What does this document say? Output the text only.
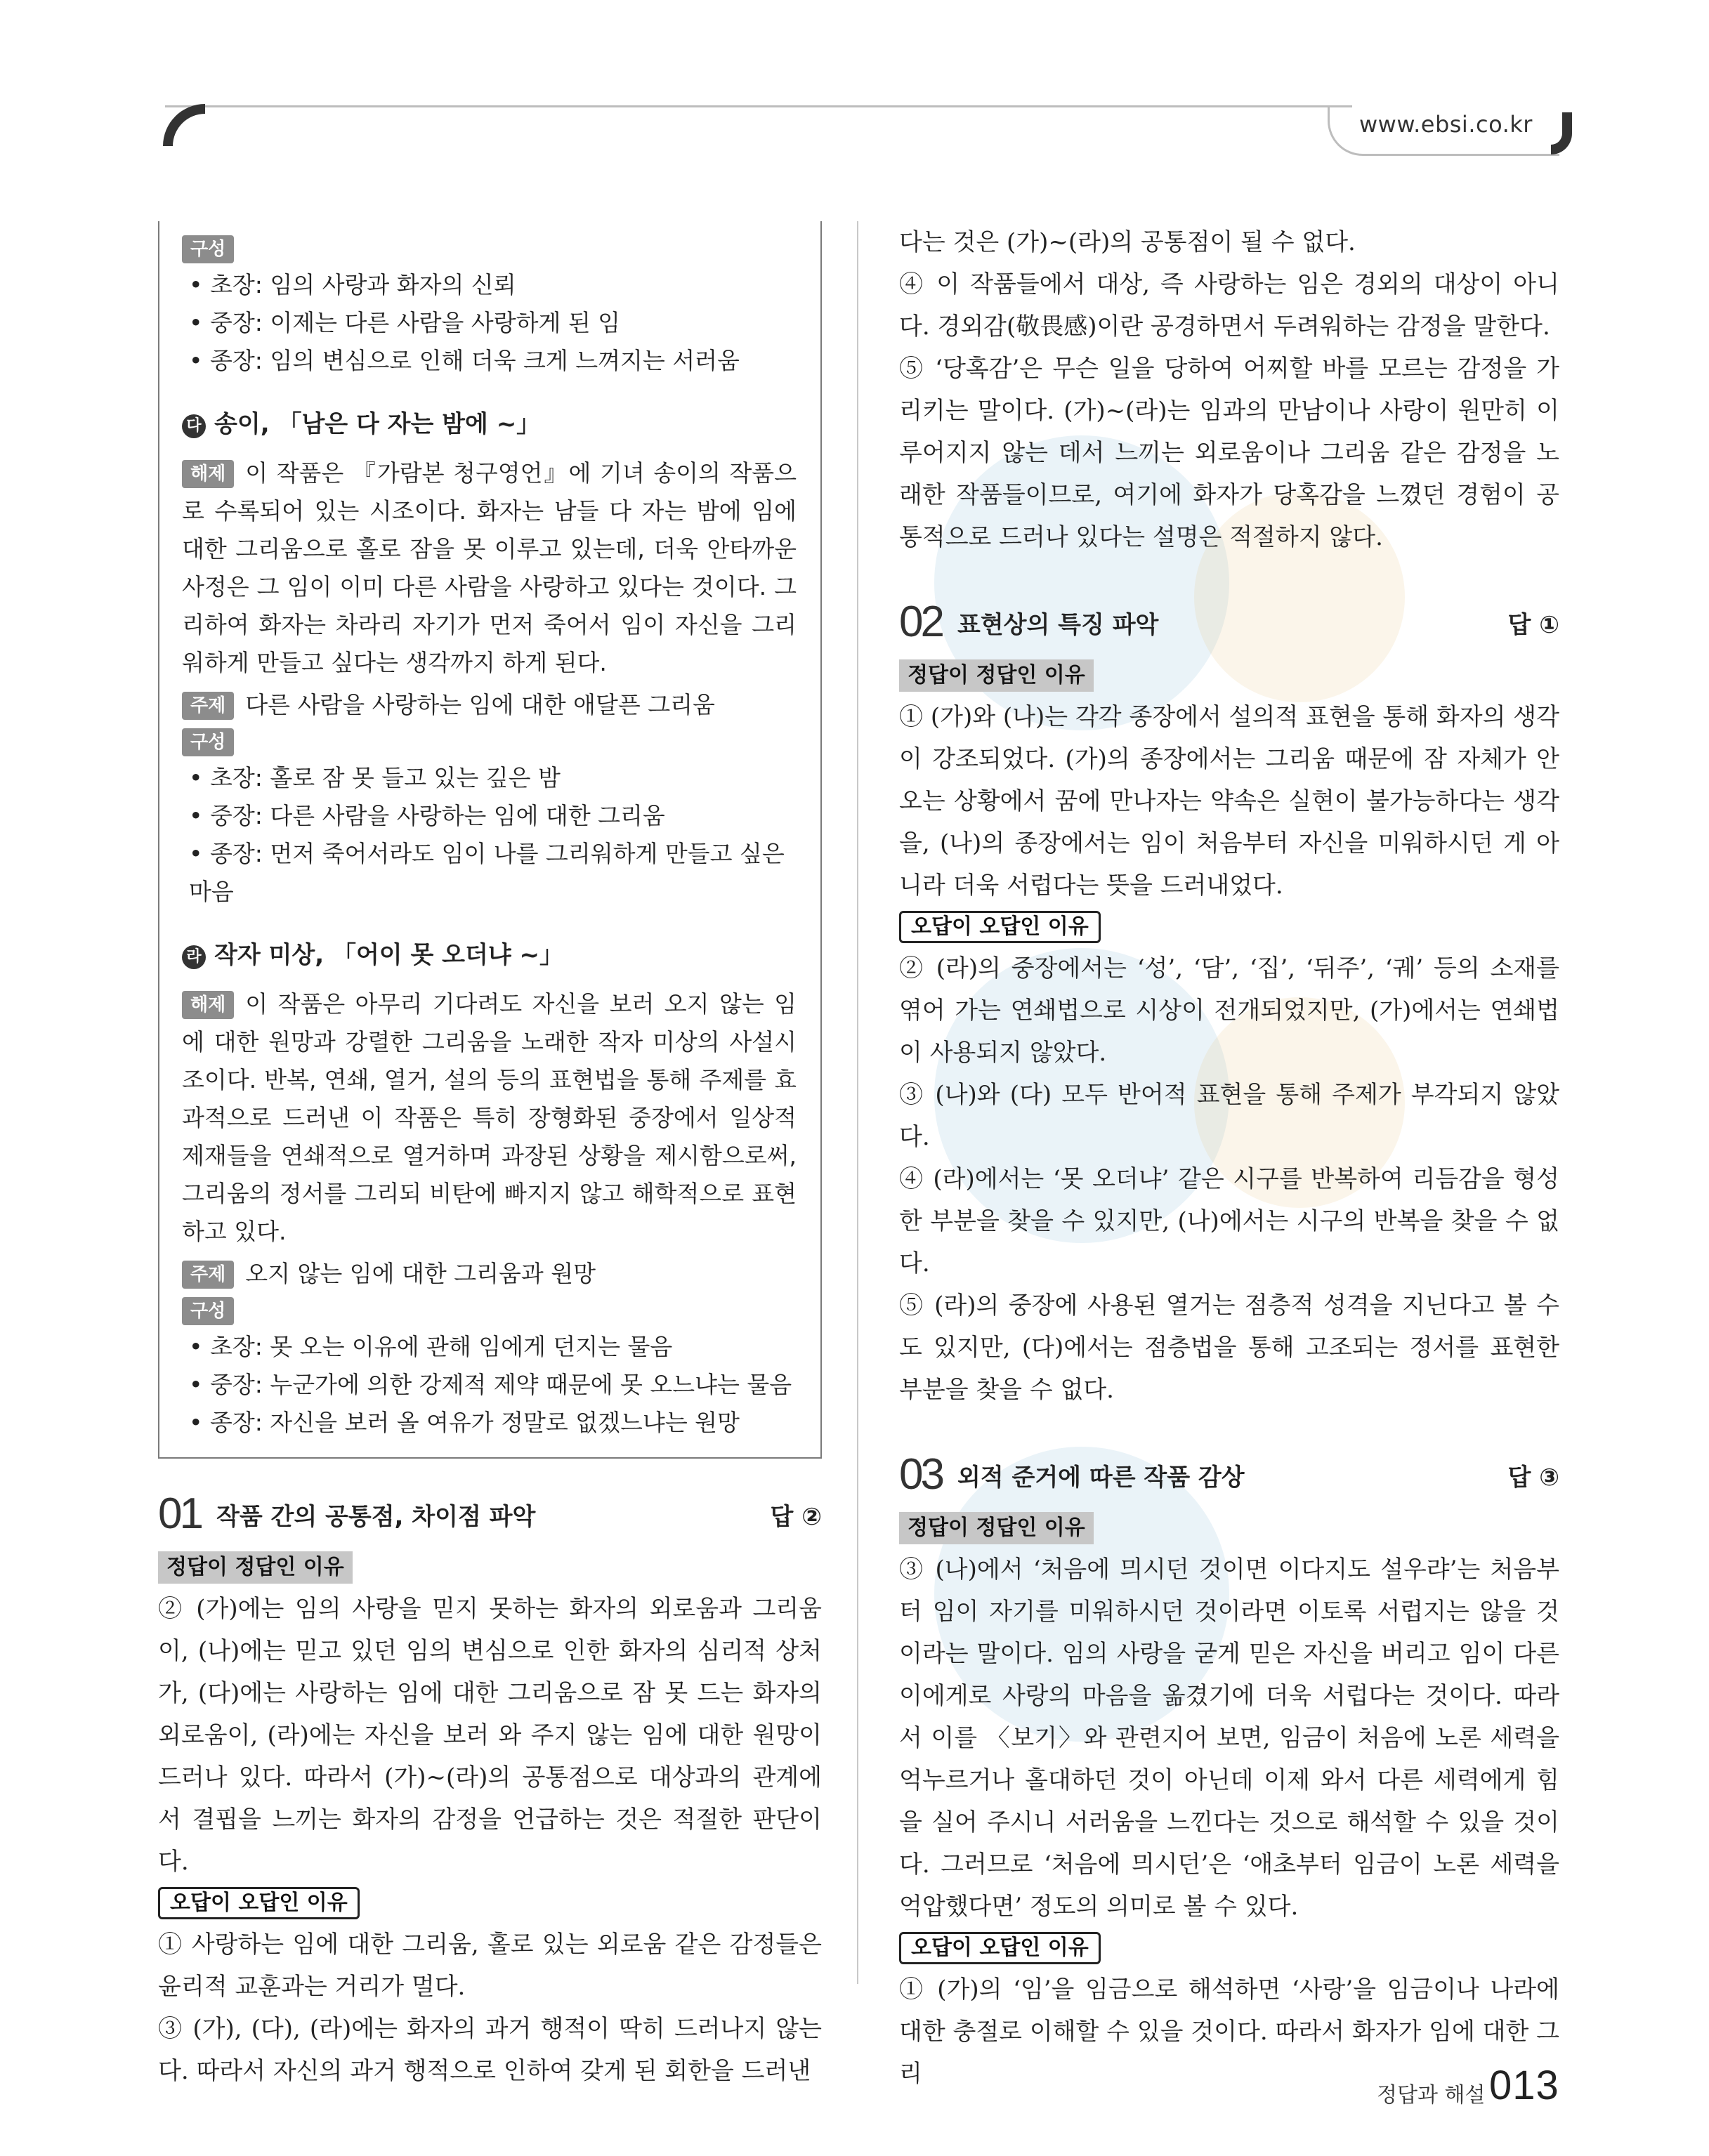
www.ebsi.co.kr
구성

• 초장: 임의 사랑과 화자의 신뢰

• 중장: 이제는 다른 사람을 사랑하게 된 임

• 종장: 임의 변심으로 인해 더욱 크게 느껴지는 서러움

다 송이, 「남은 다 자는 밤에 ~」

해제 이 작품은 『가람본 청구영언』에 기녀 송이의 작품으로 수록되어 있는 시조이다. 화자는 남들 다 자는 밤에 임에 대한 그리움으로 홀로 잠을 못 이루고 있는데, 더욱 안타까운 사정은 그 임이 이미 다른 사람을 사랑하고 있다는 것이다. 그리하여 화자는 차라리 자기가 먼저 죽어서 임이 자신을 그리워하게 만들고 싶다는 생각까지 하게 된다.

주제 다른 사람을 사랑하는 임에 대한 애달픈 그리움

구성

• 초장: 홀로 잠 못 들고 있는 깊은 밤

• 중장: 다른 사람을 사랑하는 임에 대한 그리움

• 종장: 먼저 죽어서라도 임이 나를 그리워하게 만들고 싶은 마음

라 작자 미상, 「어이 못 오더냐 ~」

해제 이 작품은 아무리 기다려도 자신을 보러 오지 않는 임에 대한 원망과 강렬한 그리움을 노래한 작자 미상의 사설시조이다. 반복, 연쇄, 열거, 설의 등의 표현법을 통해 주제를 효과적으로 드러낸 이 작품은 특히 장형화된 중장에서 일상적 제재들을 연쇄적으로 열거하며 과장된 상황을 제시함으로써, 그리움의 정서를 그리되 비탄에 빠지지 않고 해학적으로 표현하고 있다.

주제 오지 않는 임에 대한 그리움과 원망

구성

• 초장: 못 오는 이유에 관해 임에게 던지는 물음

• 중장: 누군가에 의한 강제적 제약 때문에 못 오느냐는 물음

• 종장: 자신을 보러 올 여유가 정말로 없겠느냐는 원망

01 작품 간의 공통점, 차이점 파악	답 ②
정답이 정답인 이유

② (가)에는 임의 사랑을 믿지 못하는 화자의 외로움과 그리움이, (나)에는 믿고 있던 임의 변심으로 인한 화자의 심리적 상처가, (다)에는 사랑하는 임에 대한 그리움으로 잠 못 드는 화자의 외로움이, (라)에는 자신을 보러 와 주지 않는 임에 대한 원망이 드러나 있다. 따라서 (가)~(라)의 공통점으로 대상과의 관계에서 결핍을 느끼는 화자의 감정을 언급하는 것은 적절한 판단이다.

오답이 오답인 이유

① 사랑하는 임에 대한 그리움, 홀로 있는 외로움 같은 감정들은 윤리적 교훈과는 거리가 멀다.

③ (가), (다), (라)에는 화자의 과거 행적이 딱히 드러나지 않는다. 따라서 자신의 과거 행적으로 인하여 갖게 된 회한을 드러낸

다는 것은 (가)~(라)의 공통점이 될 수 없다.

④ 이 작품들에서 대상, 즉 사랑하는 임은 경외의 대상이 아니다. 경외감(敬畏感)이란 공경하면서 두려워하는 감정을 말한다.

⑤ ‘당혹감’은 무슨 일을 당하여 어찌할 바를 모르는 감정을 가리키는 말이다. (가)~(라)는 임과의 만남이나 사랑이 원만히 이루어지지 않는 데서 느끼는 외로움이나 그리움 같은 감정을 노래한 작품들이므로, 여기에 화자가 당혹감을 느꼈던 경험이 공통적으로 드러나 있다는 설명은 적절하지 않다.

02 표현상의 특징 파악	답 ①
정답이 정답인 이유

① (가)와 (나)는 각각 종장에서 설의적 표현을 통해 화자의 생각이 강조되었다. (가)의 종장에서는 그리움 때문에 잠 자체가 안 오는 상황에서 꿈에 만나자는 약속은 실현이 불가능하다는 생각을, (나)의 종장에서는 임이 처음부터 자신을 미워하시던 게 아니라 더욱 서럽다는 뜻을 드러내었다.

오답이 오답인 이유

② (라)의 중장에서는 ‘성’, ‘담’, ‘집’, ‘뒤주’, ‘궤’ 등의 소재를 엮어 가는 연쇄법으로 시상이 전개되었지만, (가)에서는 연쇄법이 사용되지 않았다.

③ (나)와 (다) 모두 반어적 표현을 통해 주제가 부각되지 않았다.

④ (라)에서는 ‘못 오더냐’ 같은 시구를 반복하여 리듬감을 형성한 부분을 찾을 수 있지만, (나)에서는 시구의 반복을 찾을 수 없다.

⑤ (라)의 중장에 사용된 열거는 점층적 성격을 지닌다고 볼 수도 있지만, (다)에서는 점층법을 통해 고조되는 정서를 표현한 부분을 찾을 수 없다.

03 외적 준거에 따른 작품 감상	답 ③
정답이 정답인 이유

③ (나)에서 ‘처음에 믜시던 것이면 이다지도 설우랴’는 처음부터 임이 자기를 미워하시던 것이라면 이토록 서럽지는 않을 것이라는 말이다. 임의 사랑을 굳게 믿은 자신을 버리고 임이 다른 이에게로 사랑의 마음을 옮겼기에 더욱 서럽다는 것이다. 따라서 이를 〈보기〉와 관련지어 보면, 임금이 처음에 노론 세력을 억누르거나 홀대하던 것이 아닌데 이제 와서 다른 세력에게 힘을 실어 주시니 서러움을 느낀다는 것으로 해석할 수 있을 것이다. 그러므로 ‘처음에 믜시던’은 ‘애초부터 임금이 노론 세력을 억압했다면’ 정도의 의미로 볼 수 있다.

오답이 오답인 이유

① (가)의 ‘임’을 임금으로 해석하면 ‘사랑’을 임금이나 나라에 대한 충절로 이해할 수 있을 것이다. 따라서 화자가 임에 대한 그리

정답과 해설 013
